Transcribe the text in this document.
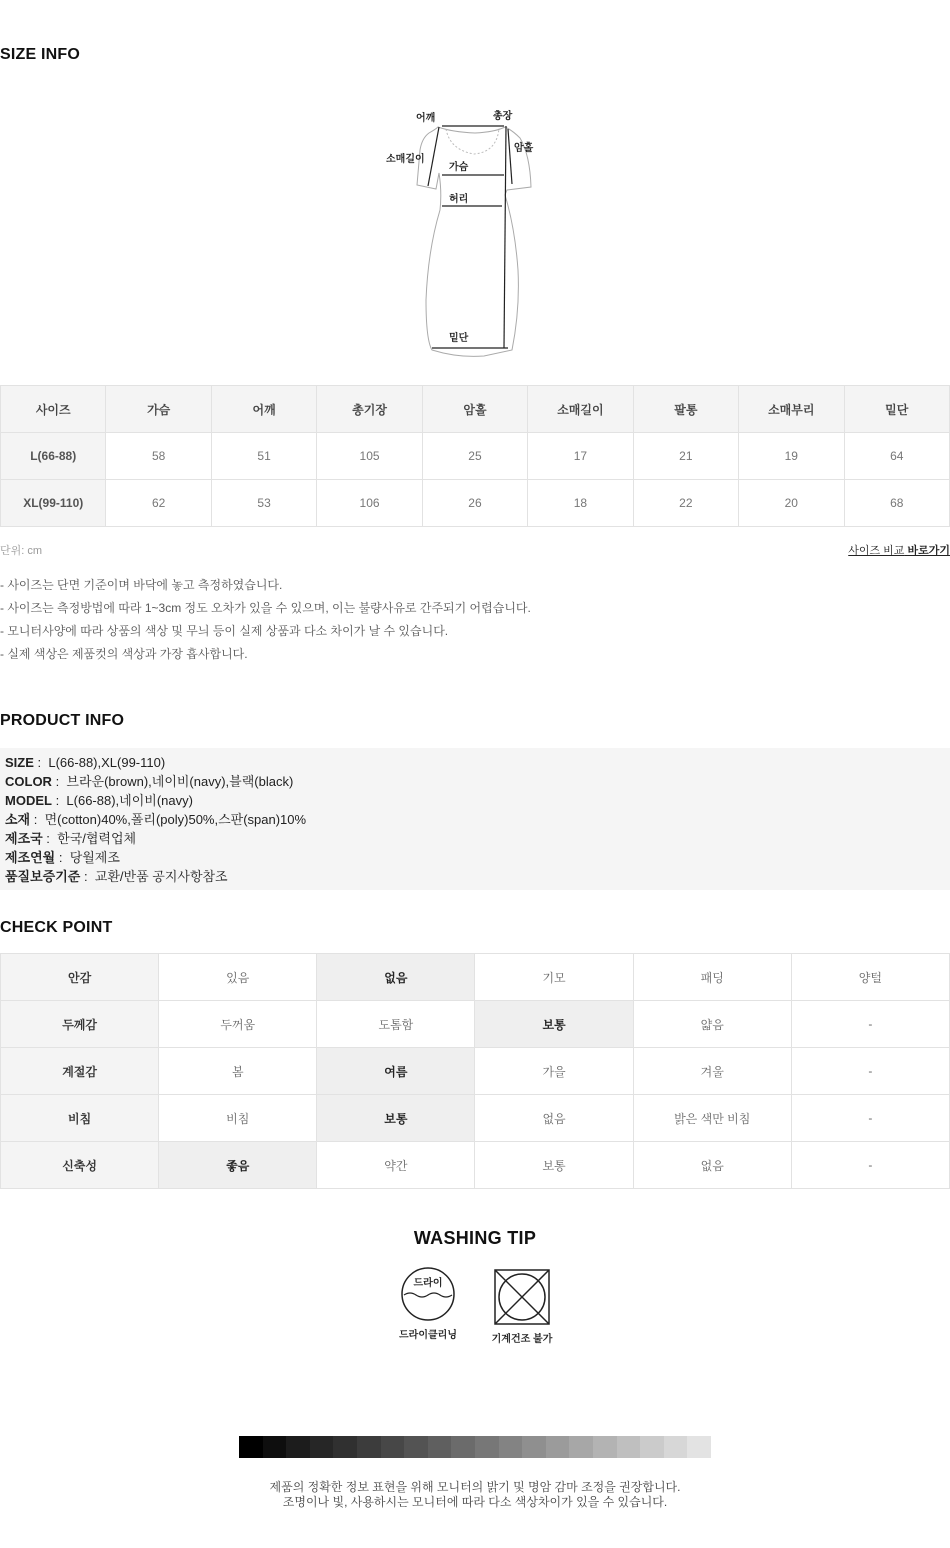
SIZE INFO
어깨	총장
암홀
소매길이
가슴
허리
밑단
사이즈	가슴	어깨	총기장	암홀	소매길이	팔통	소매부리	밑단
L(66-88)	58	51	105	25	17	21	19	64
XL(99-110)	62	53	106	26	18	22	20	68
단위: cm	사이즈 비교 바로가기
- 사이즈는 단면 기준이며 바닥에 놓고 측정하였습니다.
- 사이즈는 측정방법에 따라 1~3cm 정도 오차가 있을 수 있으며, 이는 불량사유로 간주되기 어렵습니다.
- 모니터사양에 따라 상품의 색상 및 무늬 등이 실제 상품과 다소 차이가 날 수 있습니다.
- 실제 색상은 제품컷의 색상과 가장 흡사합니다.
PRODUCT INFO
SIZE :  L(66-88),XL(99-110)
COLOR :  브라운(brown),네이비(navy),블랙(black)
MODEL :  L(66-88),네이비(navy)
소재 :  면(cotton)40%,폴리(poly)50%,스판(span)10%
제조국 :  한국/협력업체
제조연월 :  당월제조
품질보증기준 :  교환/반품 공지사항참조
CHECK POINT
안감	있음	없음	기모	패딩	양털
두께감	두꺼움	도톰함	보통	얇음	-
계절감	봄	여름	가을	겨울	-
비침	비침	보통	없음	밝은 색만 비침	-
신축성	좋음	약간	보통	없음	-
WASHING TIP
드라이
드라이클리닝	기계건조 불가
제품의 정확한 정보 표현을 위해 모니터의 밝기 및 명암 감마 조정을 권장합니다.
조명이나 빛, 사용하시는 모니터에 따라 다소 색상차이가 있을 수 있습니다.
